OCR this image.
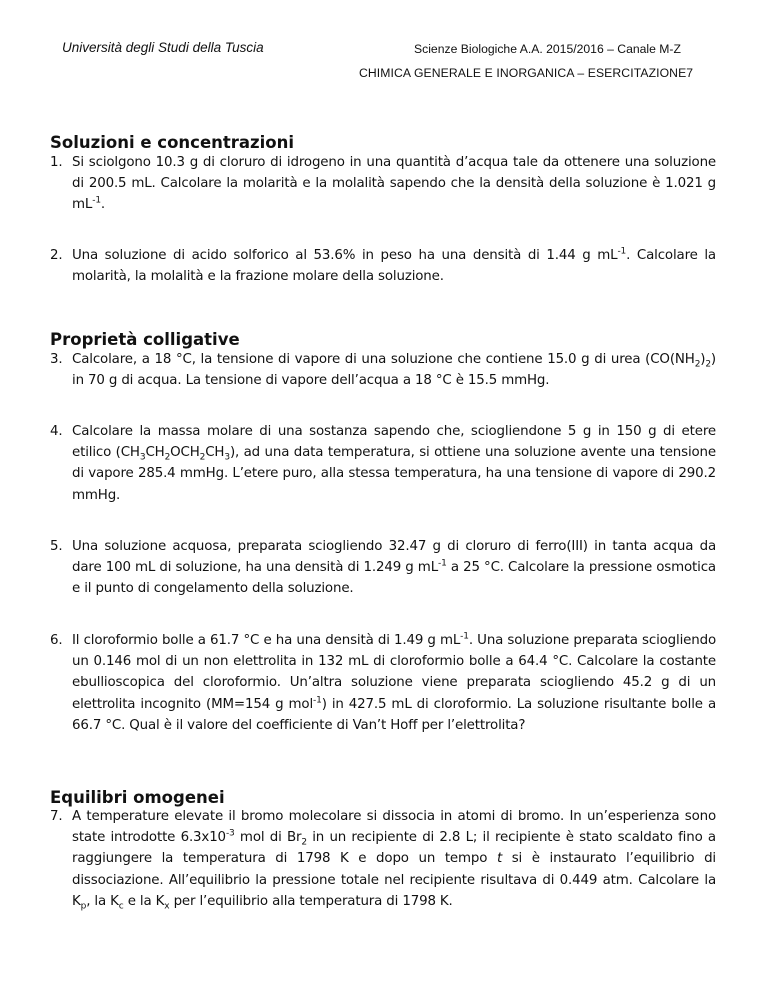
Università degli Studi della Tuscia	Scienze Biologiche A.A. 2015/2016 – Canale M-Z
CHIMICA GENERALE E INORGANICA – ESERCITAZIONE7
Soluzioni e concentrazioni
1. Si sciolgono 10.3 g di cloruro di idrogeno in una quantità d’acqua tale da ottenere una soluzione di 200.5 mL. Calcolare la molarità e la molalità sapendo che la densità della soluzione è 1.021 g $mL^{-1}$.
2. Una soluzione di acido solforico al 53.6% in peso ha una densità di 1.44 g $mL^{-1}$. Calcolare la molarità, la molalità e la frazione molare della soluzione.
Proprietà colligative
3. Calcolare, a 18 °C, la tensione di vapore di una soluzione che contiene 15.0 g di urea $(CO(NH_2)_2)$ in 70 g di acqua. La tensione di vapore dell’acqua a 18 °C è 15.5 mmHg.
4. Calcolare la massa molare di una sostanza sapendo che, sciogliendone 5 g in 150 g di etere etilico $(CH_3CH_2OCH_2CH_3)$, ad una data temperatura, si ottiene una soluzione avente una tensione di vapore 285.4 mmHg. L’etere puro, alla stessa temperatura, ha una tensione di vapore di 290.2 mmHg.
5. Una soluzione acquosa, preparata sciogliendo 32.47 g di cloruro di ferro(III) in tanta acqua da dare 100 mL di soluzione, ha una densità di 1.249 g $mL^{-1}$ a 25 °C. Calcolare la pressione osmotica e il punto di congelamento della soluzione.
6. Il cloroformio bolle a 61.7 °C e ha una densità di 1.49 g $mL^{-1}$. Una soluzione preparata sciogliendo un 0.146 mol di un non elettrolita in 132 mL di cloroformio bolle a 64.4 °C. Calcolare la costante ebullioscopica del cloroformio. Un’altra soluzione viene preparata sciogliendo 45.2 g di un elettrolita incognito (MM=154 g mol$^{-1}$) in 427.5 mL di cloroformio. La soluzione risultante bolle a 66.7 °C. Qual è il valore del coefficiente di Van’t Hoff per l’elettrolita?
Equilibri omogenei
7. A temperature elevate il bromo molecolare si dissocia in atomi di bromo. In un’esperienza sono state introdotte $6.3x10^{-3}$ mol di $Br_2$ in un recipiente di 2.8 L; il recipiente è stato scaldato fino a raggiungere la temperatura di 1798 K e dopo un tempo t si è instaurato l’equilibrio di dissociazione. All’equilibrio la pressione totale nel recipiente risultava di 0.449 atm. Calcolare la $K_p$, la $K_c$ e la $K_x$ per l’equilibrio alla temperatura di 1798 K.
